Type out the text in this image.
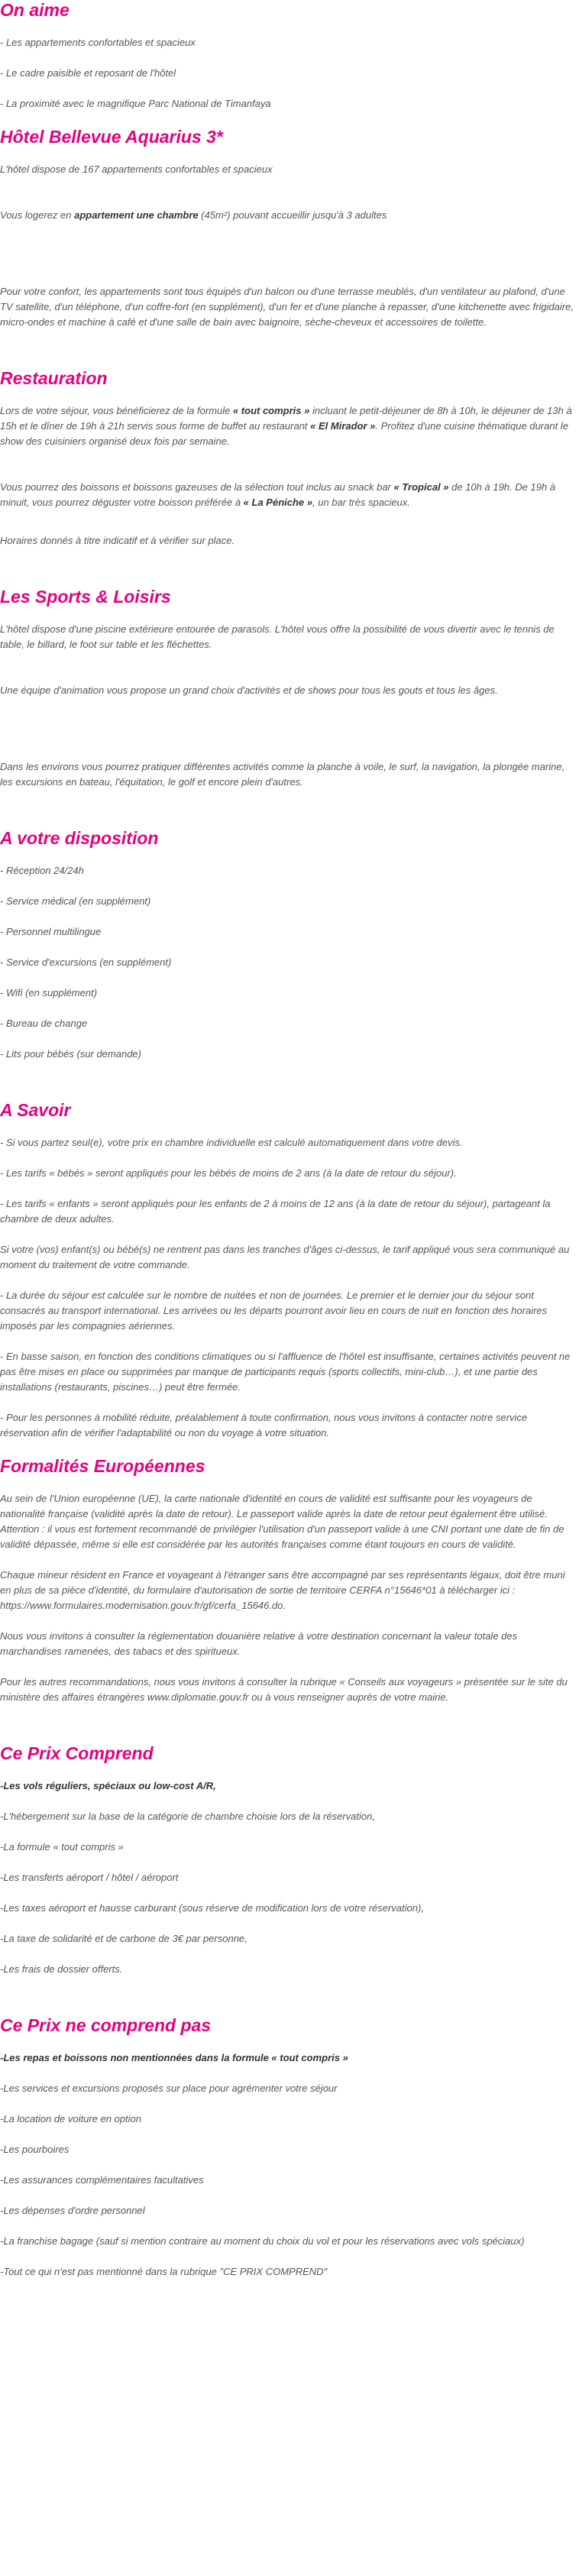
On aime

- Les appartements confortables et spacieux

- Le cadre paisible et reposant de l'hôtel

- La proximité avec le magnifique Parc National de Timanfaya

Hôtel Bellevue Aquarius 3*

L'hôtel dispose de 167 appartements confortables et spacieux

Vous logerez en appartement une chambre (45m²) pouvant accueillir jusqu'à 3 adultes

Pour votre confort, les appartements sont tous équipés d'un balcon ou d'une terrasse meublés, d'un ventilateur au plafond, d'une TV satellite, d'un téléphone, d'un coffre-fort (en supplément), d'un fer et d'une planche à repasser, d'une kitchenette avec frigidaire, micro-ondes et machine à café et d'une salle de bain avec baignoire, sèche-cheveux et accessoires de toilette.

Restauration

Lors de votre séjour, vous bénéficierez de la formule « tout compris » incluant le petit-déjeuner de 8h à 10h, le déjeuner de 13h à 15h et le dîner de 19h à 21h servis sous forme de buffet au restaurant « El Mirador ». Profitez d'une cuisine thématique durant le show des cuisiniers organisé deux fois par semaine.

Vous pourrez des boissons et boissons gazeuses de la sélection tout inclus au snack bar « Tropical » de 10h à 19h. De 19h à minuit, vous pourrez déguster votre boisson préférée à « La Péniche », un bar très spacieux.

Horaires donnés à titre indicatif et à vérifier sur place.

Les Sports & Loisirs

L'hôtel dispose d'une piscine extérieure entourée de parasols. L'hôtel vous offre la possibilité de vous divertir avec le tennis de table, le billard, le foot sur table et les fléchettes.

Une équipe d'animation vous propose un grand choix d'activités et de shows pour tous les gouts et tous les âges.

Dans les environs vous pourrez pratiquer différentes activités comme la planche à voile, le surf, la navigation, la plongée marine, les excursions en bateau, l'équitation, le golf et encore plein d'autres.

A votre disposition

- Réception 24/24h

- Service médical (en supplément)

- Personnel multilingue

- Service d'excursions (en supplément)

- Wifi (en supplément)

- Bureau de change

- Lits pour bébés (sur demande)

A Savoir

- Si vous partez seul(e), votre prix en chambre individuelle est calculé automatiquement dans votre devis.

- Les tarifs « bébés » seront appliqués pour les bébés de moins de 2 ans (à la date de retour du séjour).

- Les tarifs « enfants » seront appliqués pour les enfants de 2 à moins de 12 ans (à la date de retour du séjour), partageant la chambre de deux adultes.

Si votre (vos) enfant(s) ou bébé(s) ne rentrent pas dans les tranches d'âges ci-dessus, le tarif appliqué vous sera communiqué au moment du traitement de votre commande.

- La durée du séjour est calculée sur le nombre de nuitées et non de journées. Le premier et le dernier jour du séjour sont consacrés au transport international. Les arrivées ou les départs pourront avoir lieu en cours de nuit en fonction des horaires imposés par les compagnies aériennes.

- En basse saison, en fonction des conditions climatiques ou si l'affluence de l'hôtel est insuffisante, certaines activités peuvent ne pas être mises en place ou supprimées par manque de participants requis (sports collectifs, mini-club…), et une partie des installations (restaurants, piscines…) peut être fermée.

- Pour les personnes à mobilité réduite, préalablement à toute confirmation, nous vous invitons à contacter notre service réservation afin de vérifier l'adaptabilité ou non du voyage à votre situation.

Formalités Européennes

Au sein de l'Union européenne (UE), la carte nationale d'identité en cours de validité est suffisante pour les voyageurs de nationalité française (validité après la date de retour). Le passeport valide après la date de retour peut également être utilisé. Attention : il vous est fortement recommandé de privilégier l'utilisation d'un passeport valide à une CNI portant une date de fin de validité dépassée, même si elle est considérée par les autorités françaises comme étant toujours en cours de validité.

Chaque mineur résident en France et voyageant à l'étranger sans être accompagné par ses représentants légaux, doit être muni en plus de sa pièce d'identité, du formulaire d'autorisation de sortie de territoire CERFA n°15646*01 à télécharger ici : https://www.formulaires.modernisation.gouv.fr/gf/cerfa_15646.do.

Nous vous invitons à consulter la réglementation douanière relative à votre destination concernant la valeur totale des marchandises ramenées, des tabacs et des spiritueux.

Pour les autres recommandations, nous vous invitons à consulter la rubrique « Conseils aux voyageurs » présentée sur le site du ministère des affaires étrangères www.diplomatie.gouv.fr ou à vous renseigner auprès de votre mairie.

Ce Prix Comprend

-Les vols réguliers, spéciaux ou low-cost A/R,

-L'hébergement sur la base de la catégorie de chambre choisie lors de la réservation,

-La formule « tout compris »

-Les transferts aéroport / hôtel / aéroport

-Les taxes aéroport et hausse carburant (sous réserve de modification lors de votre réservation),

-La taxe de solidarité et de carbone de 3€ par personne,

-Les frais de dossier offerts.

Ce Prix ne comprend pas

-Les repas et boissons non mentionnées dans la formule « tout compris »

-Les services et excursions proposés sur place pour agrémenter votre séjour

-La location de voiture en option

-Les pourboires

-Les assurances complémentaires facultatives

-Les dépenses d'ordre personnel

-La franchise bagage (sauf si mention contraire au moment du choix du vol et pour les réservations avec vols spéciaux)

-Tout ce qui n'est pas mentionné dans la rubrique "CE PRIX COMPREND"
